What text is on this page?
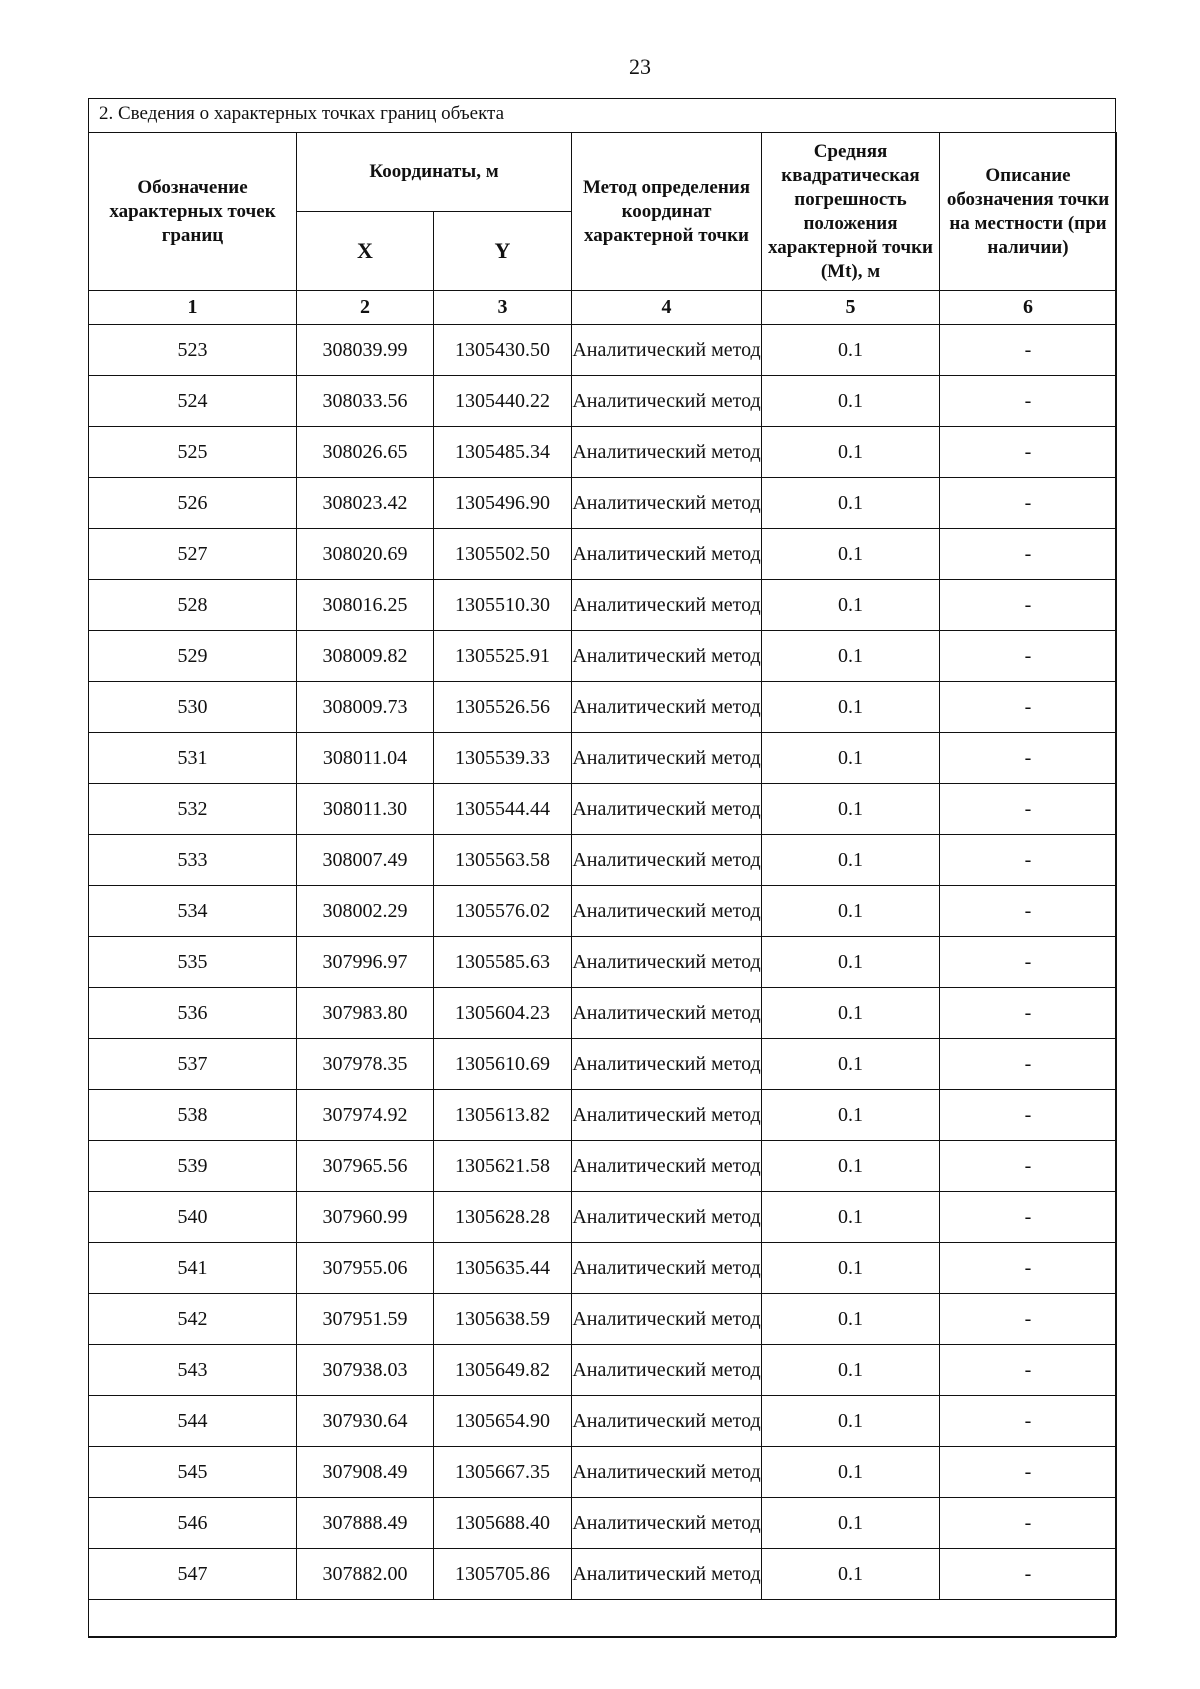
23
2. Сведения о характерных точках границ объекта
Обозначение характерных точек границ	Координаты, м		Метод определения координат характерной точки	Средняя квадратическая погрешность положения характерной точки (Mt), м	Описание обозначения точки на местности (при наличии)
	X	Y			
1	2	3	4	5	6
523	308039.99	1305430.50	Аналитический метод	0.1	-
524	308033.56	1305440.22	Аналитический метод	0.1	-
525	308026.65	1305485.34	Аналитический метод	0.1	-
526	308023.42	1305496.90	Аналитический метод	0.1	-
527	308020.69	1305502.50	Аналитический метод	0.1	-
528	308016.25	1305510.30	Аналитический метод	0.1	-
529	308009.82	1305525.91	Аналитический метод	0.1	-
530	308009.73	1305526.56	Аналитический метод	0.1	-
531	308011.04	1305539.33	Аналитический метод	0.1	-
532	308011.30	1305544.44	Аналитический метод	0.1	-
533	308007.49	1305563.58	Аналитический метод	0.1	-
534	308002.29	1305576.02	Аналитический метод	0.1	-
535	307996.97	1305585.63	Аналитический метод	0.1	-
536	307983.80	1305604.23	Аналитический метод	0.1	-
537	307978.35	1305610.69	Аналитический метод	0.1	-
538	307974.92	1305613.82	Аналитический метод	0.1	-
539	307965.56	1305621.58	Аналитический метод	0.1	-
540	307960.99	1305628.28	Аналитический метод	0.1	-
541	307955.06	1305635.44	Аналитический метод	0.1	-
542	307951.59	1305638.59	Аналитический метод	0.1	-
543	307938.03	1305649.82	Аналитический метод	0.1	-
544	307930.64	1305654.90	Аналитический метод	0.1	-
545	307908.49	1305667.35	Аналитический метод	0.1	-
546	307888.49	1305688.40	Аналитический метод	0.1	-
547	307882.00	1305705.86	Аналитический метод	0.1	-
